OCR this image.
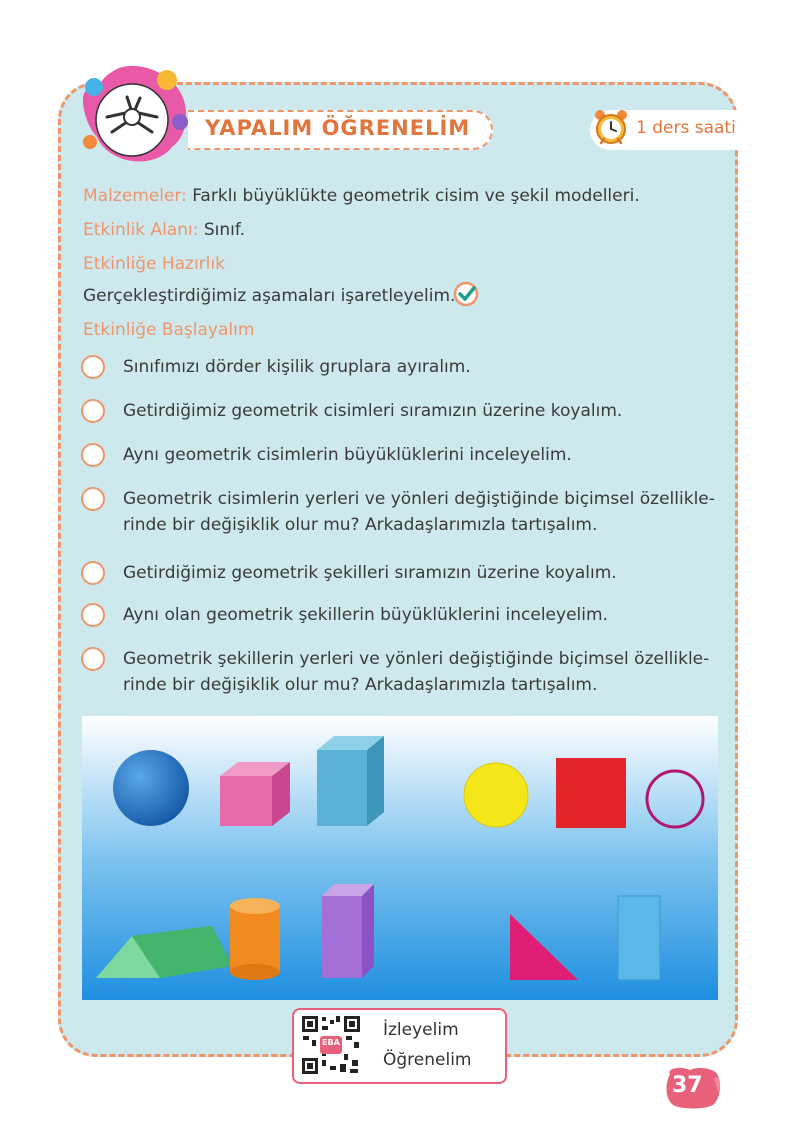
YAPALIM ÖĞRENELİM	1 ders saati
Malzemeler: Farklı büyüklükte geometrik cisim ve şekil modelleri.
Etkinlik Alanı: Sınıf.
Etkinliğe Hazırlık
Gerçekleştirdiğimiz aşamaları işaretleyelim.
Etkinliğe Başlayalım
Sınıfımızı dörder kişilik gruplara ayıralım.
Getirdiğimiz geometrik cisimleri sıramızın üzerine koyalım.
Aynı geometrik cisimlerin büyüklüklerini inceleyelim.
Geometrik cisimlerin yerleri ve yönleri değiştiğinde biçimsel özellikle-
rinde bir değişiklik olur mu? Arkadaşlarımızla tartışalım.
Getirdiğimiz geometrik şekilleri sıramızın üzerine koyalım.
Aynı olan geometrik şekillerin büyüklüklerini inceleyelim.
Geometrik şekillerin yerleri ve yönleri değiştiğinde biçimsel özellikle-
rinde bir değişiklik olur mu? Arkadaşlarımızla tartışalım.
EBA
İzleyelim
Öğrenelim
37
